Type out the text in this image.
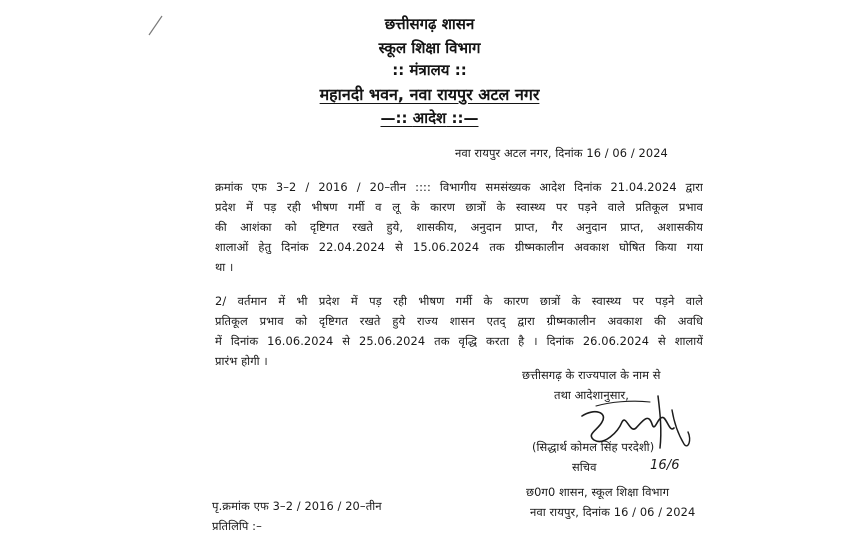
छत्तीसगढ़ शासन
स्कूल शिक्षा विभाग
:: मंत्रालय ::
महानदी भवन, नवा रायपुर अटल नगर
—:: आदेश ::—
नवा रायपुर अटल नगर, दिनांक 16 / 06 / 2024
क्रमांक एफ 3–2 / 2016 / 20–तीन :::: विभागीय समसंख्यक आदेश दिनांक 21.04.2024 द्वारा
प्रदेश में पड़ रही भीषण गर्मी व लू के कारण छात्रों के स्वास्थ्य पर पड़ने वाले प्रतिकूल प्रभाव
की आशंका को दृष्टिगत रखते हुये, शासकीय, अनुदान प्राप्त, गैर अनुदान प्राप्त, अशासकीय
शालाओं हेतु दिनांक 22.04.2024 से 15.06.2024 तक ग्रीष्मकालीन अवकाश घोषित किया गया
था ।
2/ वर्तमान में भी प्रदेश में पड़ रही भीषण गर्मी के कारण छात्रों के स्वास्थ्य पर पड़ने वाले
प्रतिकूल प्रभाव को दृष्टिगत रखते हुये राज्य शासन एतद् द्वारा ग्रीष्मकालीन अवकाश की अवधि
में दिनांक 16.06.2024 से 25.06.2024 तक वृद्धि करता है । दिनांक 26.06.2024 से शालायें
प्रारंभ होगी ।
छत्तीसगढ़ के राज्यपाल के नाम से
तथा आदेशानुसार,
(सिद्धार्थ कोमल सिंह परदेशी)
सचिव	16/6
छ0ग0 शासन, स्कूल शिक्षा विभाग
नवा रायपुर, दिनांक 16 / 06 / 2024
पृ.क्रमांक एफ 3–2 / 2016 / 20–तीन
प्रतिलिपि :–
